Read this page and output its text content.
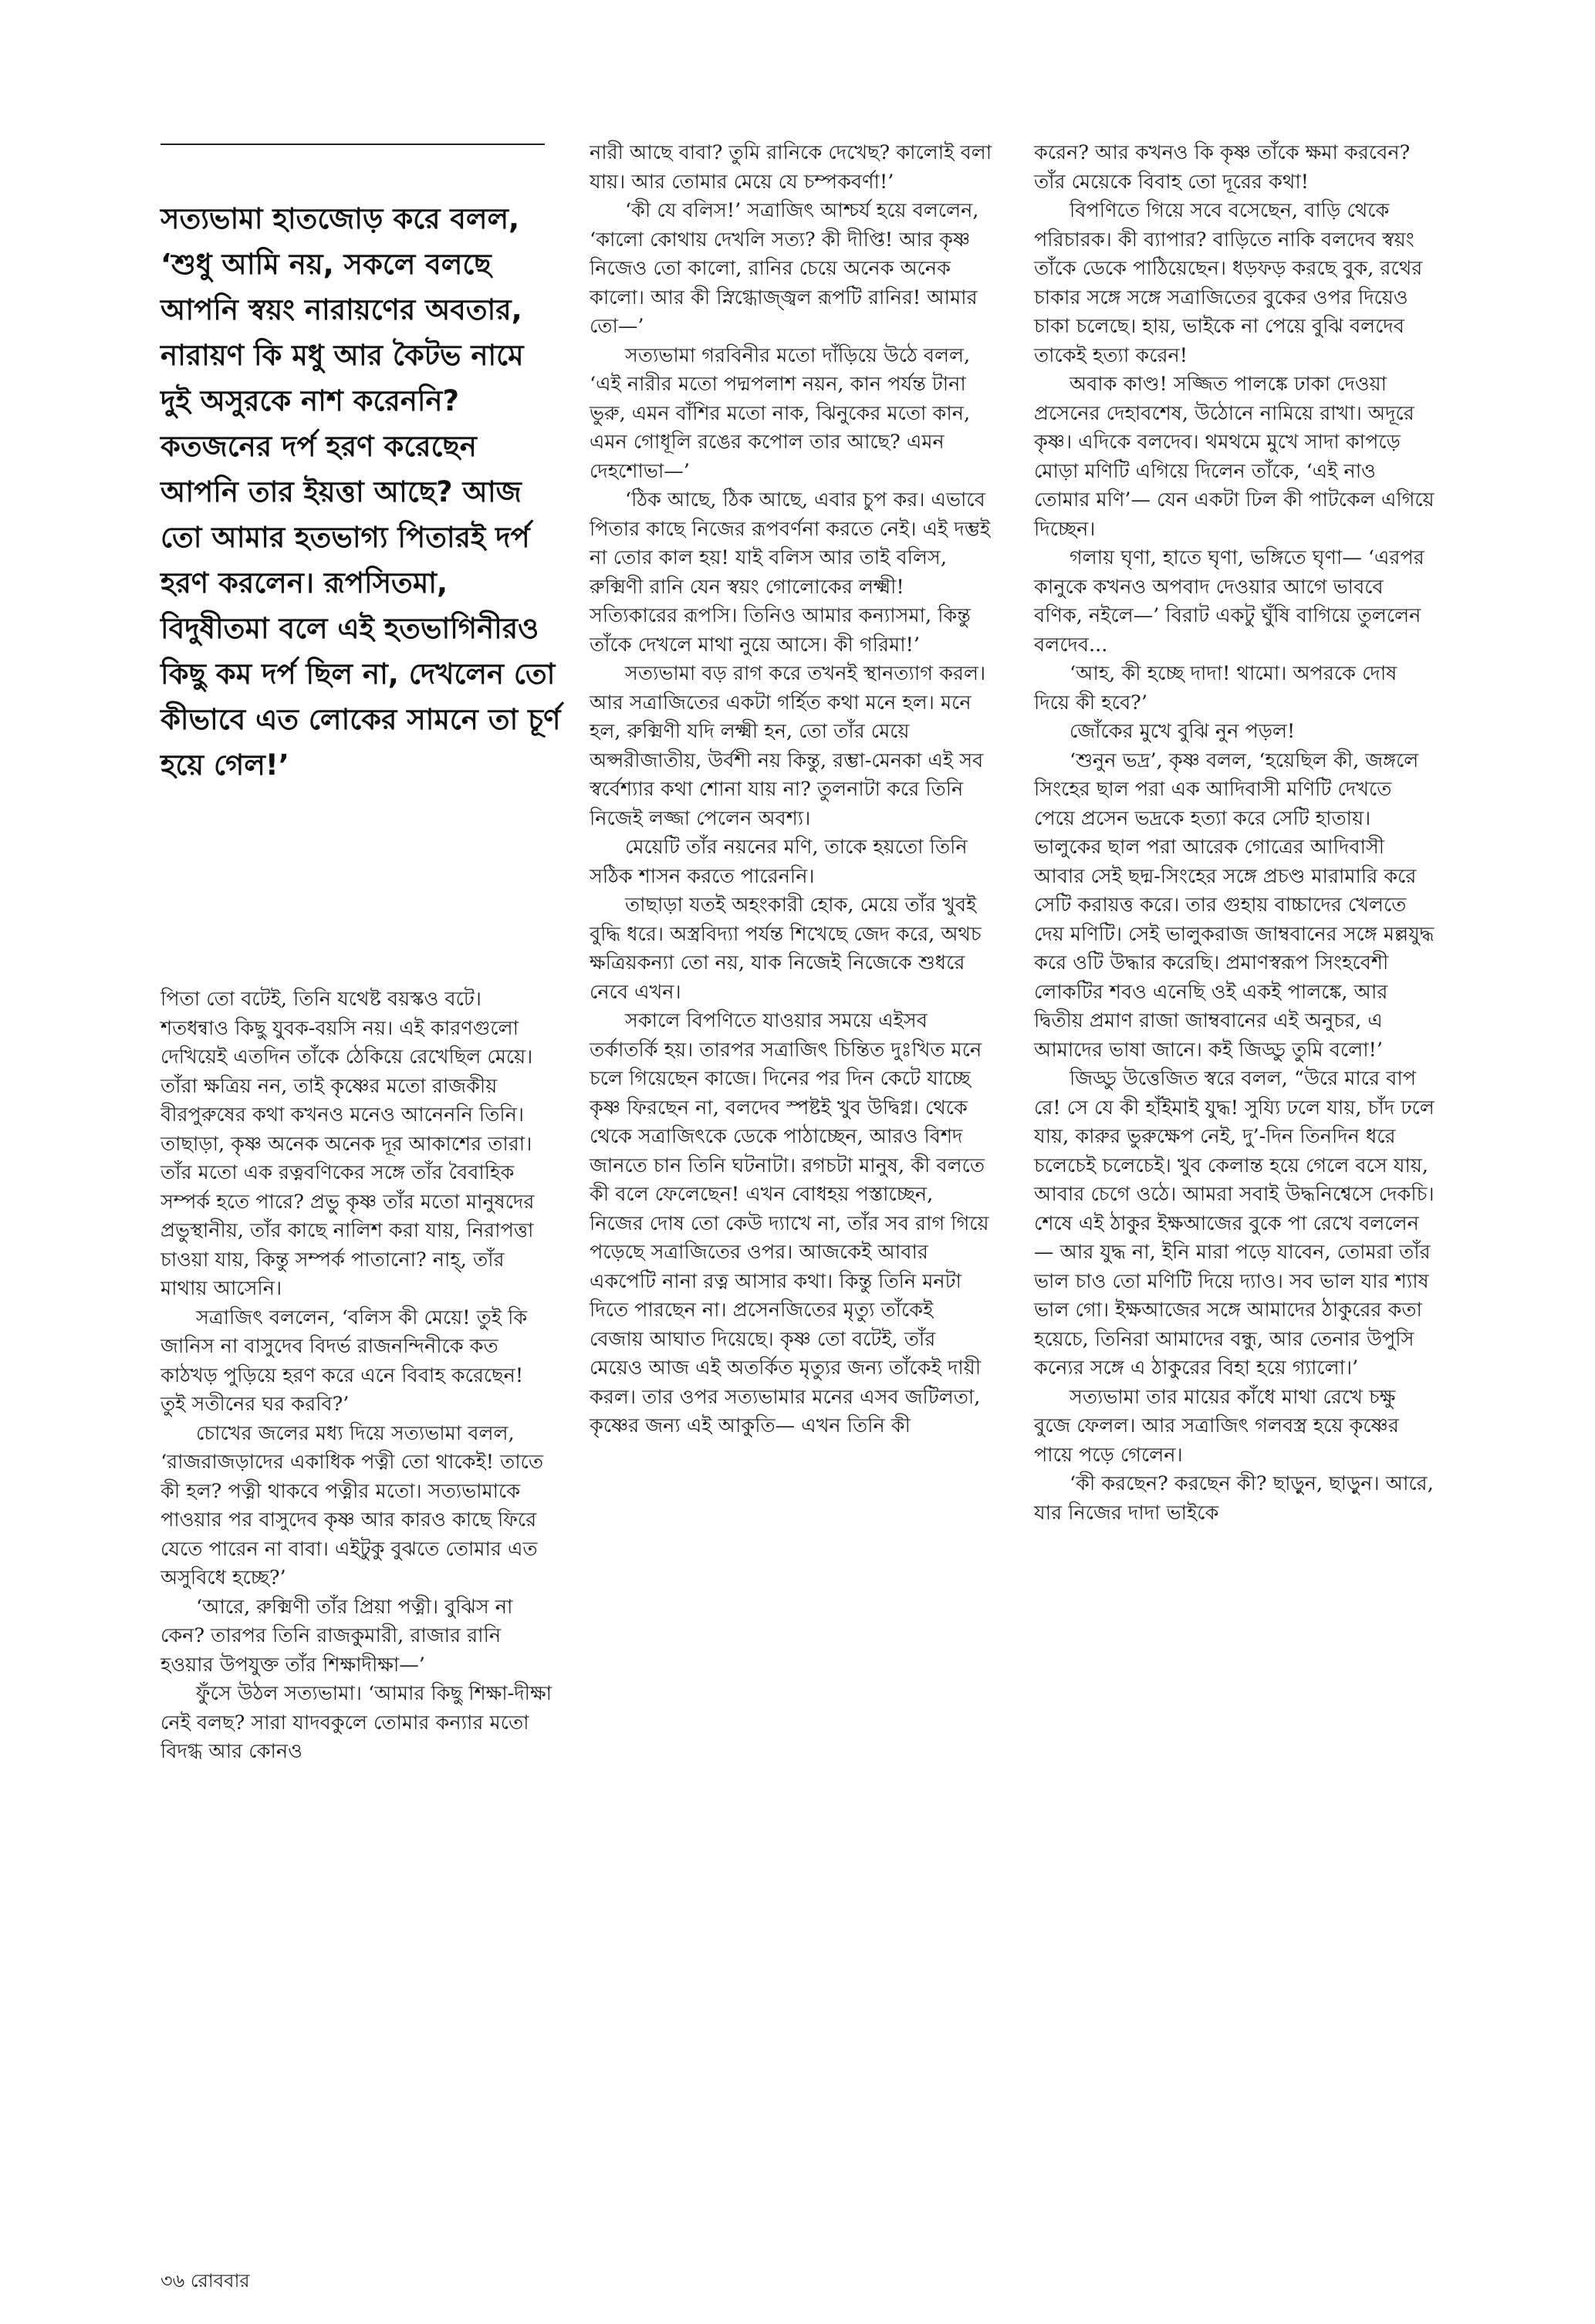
সত্যভামা হাতজোড় করে বলল, ‘শুধু আমি নয়, সকলে বলছে আপনি স্বয়ং নারায়ণের অবতার, নারায়ণ কি মধু আর কৈটভ নামে দুই অসুরকে নাশ করেননি? কতজনের দর্প হরণ করেছেন আপনি তার ইয়ত্তা আছে? আজ তো আমার হতভাগ্য পিতারই দর্প হরণ করলেন। রূপসিতমা, বিদুষীতমা বলে এই হতভাগিনীরও কিছু কম দর্প ছিল না, দেখলেন তো কীভাবে এত লোকের সামনে তা চূর্ণ হয়ে গেল!’

পিতা তো বটেই, তিনি যথেষ্ট বয়স্কও বটে। শতধন্বাও কিছু যুবক-বয়সি নয়। এই কারণগুলো দেখিয়েই এতদিন তাঁকে ঠেকিয়ে রেখেছিল মেয়ে। তাঁরা ক্ষত্রিয় নন, তাই কৃষ্ণের মতো রাজকীয় বীরপুরুষের কথা কখনও মনেও আনেননি তিনি। তাছাড়া, কৃষ্ণ অনেক অনেক দূর আকাশের তারা। তাঁর মতো এক রত্নবণিকের সঙ্গে তাঁর বৈবাহিক সম্পর্ক হতে পারে? প্রভু কৃষ্ণ তাঁর মতো মানুষদের প্রভুস্থানীয়, তাঁর কাছে নালিশ করা যায়, নিরাপত্তা চাওয়া যায়, কিন্তু সম্পর্ক পাতানো? নাহ্‌, তাঁর মাথায় আসেনি।

সত্রাজিৎ বললেন, ‘বলিস কী মেয়ে! তুই কি জানিস না বাসুদেব বিদর্ভ রাজনন্দিনীকে কত কাঠখড় পুড়িয়ে হরণ করে এনে বিবাহ করেছেন! তুই সতীনের ঘর করবি?’

চোখের জলের মধ্য দিয়ে সত্যভামা বলল, ‘রাজরাজড়াদের একাধিক পত্নী তো থাকেই! তাতে কী হল? পত্নী থাকবে পত্নীর মতো। সত্যভামাকে পাওয়ার পর বাসুদেব কৃষ্ণ আর কারও কাছে ফিরে যেতে পারেন না বাবা। এইটুকু বুঝতে তোমার এত অসুবিধে হচ্ছে?’

‘আরে, রুক্মিণী তাঁর প্রিয়া পত্নী। বুঝিস না কেন? তারপর তিনি রাজকুমারী, রাজার রানি হওয়ার উপযুক্ত তাঁর শিক্ষাদীক্ষা—’

ফুঁসে উঠল সত্যভামা। ‘আমার কিছু শিক্ষা-দীক্ষা নেই বলছ? সারা যাদবকুলে তোমার কন্যার মতো বিদগ্ধ আর কোনও

নারী আছে বাবা? তুমি রানিকে দেখেছ? কালোই বলা যায়। আর তোমার মেয়ে যে চম্পকবর্ণা!’

‘কী যে বলিস!’ সত্রাজিৎ আশ্চর্য হয়ে বললেন, ‘কালো কোথায় দেখলি সত্য? কী দীপ্তি! আর কৃষ্ণ নিজেও তো কালো, রানির চেয়ে অনেক অনেক কালো। আর কী স্নিগ্ধোজ্জ্বল রূপটি রানির! আমার তো—’

সত্যভামা গরবিনীর মতো দাঁড়িয়ে উঠে বলল, ‘এই নারীর মতো পদ্মপলাশ নয়ন, কান পর্যন্ত টানা ভুরু, এমন বাঁশির মতো নাক, ঝিনুকের মতো কান, এমন গোধূলি রঙের কপোল তার আছে? এমন দেহশোভা—’

‘ঠিক আছে, ঠিক আছে, এবার চুপ কর। এভাবে পিতার কাছে নিজের রূপবর্ণনা করতে নেই। এই দম্ভই না তোর কাল হয়! যাই বলিস আর তাই বলিস, রুক্মিণী রানি যেন স্বয়ং গোলোকের লক্ষ্মী! সত্যিকারের রূপসি। তিনিও আমার কন্যাসমা, কিন্তু তাঁকে দেখলে মাথা নুয়ে আসে। কী গরিমা!’

সত্যভামা বড় রাগ করে তখনই স্থানত্যাগ করল। আর সত্রাজিতের একটা গর্হিত কথা মনে হল। মনে হল, রুক্মিণী যদি লক্ষ্মী হন, তো তাঁর মেয়ে অপ্সরীজাতীয়, উর্বশী নয় কিন্তু, রম্ভা-মেনকা এই সব স্বর্বেশ্যার কথা শোনা যায় না? তুলনাটা করে তিনি নিজেই লজ্জা পেলেন অবশ্য।

মেয়েটি তাঁর নয়নের মণি, তাকে হয়তো তিনি সঠিক শাসন করতে পারেননি।

তাছাড়া যতই অহংকারী হোক, মেয়ে তাঁর খুবই বুদ্ধি ধরে। অস্ত্রবিদ্যা পর্যন্ত শিখেছে জেদ করে, অথচ ক্ষত্রিয়কন্যা তো নয়, যাক নিজেই নিজেকে শুধরে নেবে এখন।

সকালে বিপণিতে যাওয়ার সময়ে এইসব তর্কাতর্কি হয়। তারপর সত্রাজিৎ চিন্তিত দুঃখিত মনে চলে গিয়েছেন কাজে। দিনের পর দিন কেটে যাচ্ছে কৃষ্ণ ফিরছেন না, বলদেব স্পষ্টই খুব উদ্বিগ্ন। থেকে থেকে সত্রাজিৎকে ডেকে পাঠাচ্ছেন, আরও বিশদ জানতে চান তিনি ঘটনাটা। রগচটা মানুষ, কী বলতে কী বলে ফেলেছেন! এখন বোধহয় পস্তাচ্ছেন, নিজের দোষ তো কেউ দ্যাখে না, তাঁর সব রাগ গিয়ে পড়েছে সত্রাজিতের ওপর। আজকেই আবার একপেটি নানা রত্ন আসার কথা। কিন্তু তিনি মনটা দিতে পারছেন না। প্রসেনজিতের মৃত্যু তাঁকেই বেজায় আঘাত দিয়েছে। কৃষ্ণ তো বটেই, তাঁর মেয়েও আজ এই অতর্কিত মৃত্যুর জন্য তাঁকেই দায়ী করল। তার ওপর সত্যভামার মনের এসব জটিলতা, কৃষ্ণের জন্য এই আকুতি— এখন তিনি কী

করেন? আর কখনও কি কৃষ্ণ তাঁকে ক্ষমা করবেন? তাঁর মেয়েকে বিবাহ তো দূরের কথা!

বিপণিতে গিয়ে সবে বসেছেন, বাড়ি থেকে পরিচারক। কী ব্যাপার? বাড়িতে নাকি বলদেব স্বয়ং তাঁকে ডেকে পাঠিয়েছেন। ধড়ফড় করছে বুক, রথের চাকার সঙ্গে সঙ্গে সত্রাজিতের বুকের ওপর দিয়েও চাকা চলেছে। হায়, ভাইকে না পেয়ে বুঝি বলদেব তাকেই হত্যা করেন!

অবাক কাণ্ড! সজ্জিত পালঙ্কে ঢাকা দেওয়া প্রসেনের দেহাবশেষ, উঠোনে নামিয়ে রাখা। অদূরে কৃষ্ণ। এদিকে বলদেব। থমথমে মুখে সাদা কাপড়ে মোড়া মণিটি এগিয়ে দিলেন তাঁকে, ‘এই নাও তোমার মণি’— যেন একটা ঢিল কী পাটকেল এগিয়ে দিচ্ছেন।

গলায় ঘৃণা, হাতে ঘৃণা, ভঙ্গিতে ঘৃণা— ‘এরপর কানুকে কখনও অপবাদ দেওয়ার আগে ভাববে বণিক, নইলে—’ বিরাট একটু ঘুঁষি বাগিয়ে তুললেন বলদেব...

‘আহ, কী হচ্ছে দাদা! থামো। অপরকে দোষ দিয়ে কী হবে?’

জোঁকের মুখে বুঝি নুন পড়ল!

‘শুনুন ভদ্র’, কৃষ্ণ বলল, ‘হয়েছিল কী, জঙ্গলে সিংহের ছাল পরা এক আদিবাসী মণিটি দেখতে পেয়ে প্রসেন ভদ্রকে হত্যা করে সেটি হাতায়। ভালুকের ছাল পরা আরেক গোত্রের আদিবাসী আবার সেই ছদ্ম-সিংহের সঙ্গে প্রচণ্ড মারামারি করে সেটি করায়ত্ত করে। তার গুহায় বাচ্চাদের খেলতে দেয় মণিটি। সেই ভালুকরাজ জাম্ববানের সঙ্গে মল্লযুদ্ধ করে ওটি উদ্ধার করেছি। প্রমাণস্বরূপ সিংহবেশী লোকটির শবও এনেছি ওই একই পালঙ্কে, আর দ্বিতীয় প্রমাণ রাজা জাম্ববানের এই অনুচর, এ আমাদের ভাষা জানে। কই জিড্ডু তুমি বলো!’

জিড্ডু উত্তেজিত স্বরে বলল, “উরে মারে বাপ রে! সে যে কী হাঁইমাই যুদ্ধ! সুয্যি ঢলে যায়, চাঁদ ঢলে যায়, কারুর ভুরুক্ষেপ নেই, দু’-দিন তিনদিন ধরে চলেচেই চলেচেই। খুব কেলান্ত হয়ে গেলে বসে যায়, আবার চেগে ওঠে। আমরা সবাই উদ্ধনিশ্বেসে দেকচি। শেষে এই ঠাকুর ইক্ষআজের বুকে পা রেখে বললেন— আর যুদ্ধ না, ইনি মারা পড়ে যাবেন, তোমরা তাঁর ভাল চাও তো মণিটি দিয়ে দ্যাও। সব ভাল যার শ্যাষ ভাল গো। ইক্ষআজের সঙ্গে আমাদের ঠাকুরের কতা হয়েচে, তিনিরা আমাদের বন্ধু, আর তেনার উপুসি কন্যের সঙ্গে এ ঠাকুরের বিহা হয়ে গ্যালো।’

সত্যভামা তার মায়ের কাঁধে মাথা রেখে চক্ষু বুজে ফেলল। আর সত্রাজিৎ গলবস্ত্র হয়ে কৃষ্ণের পায়ে পড়ে গেলেন।

‘কী করছেন? করছেন কী? ছাড়ুন, ছাড়ুন। আরে, যার নিজের দাদা ভাইকে

৩৬ রোববার
